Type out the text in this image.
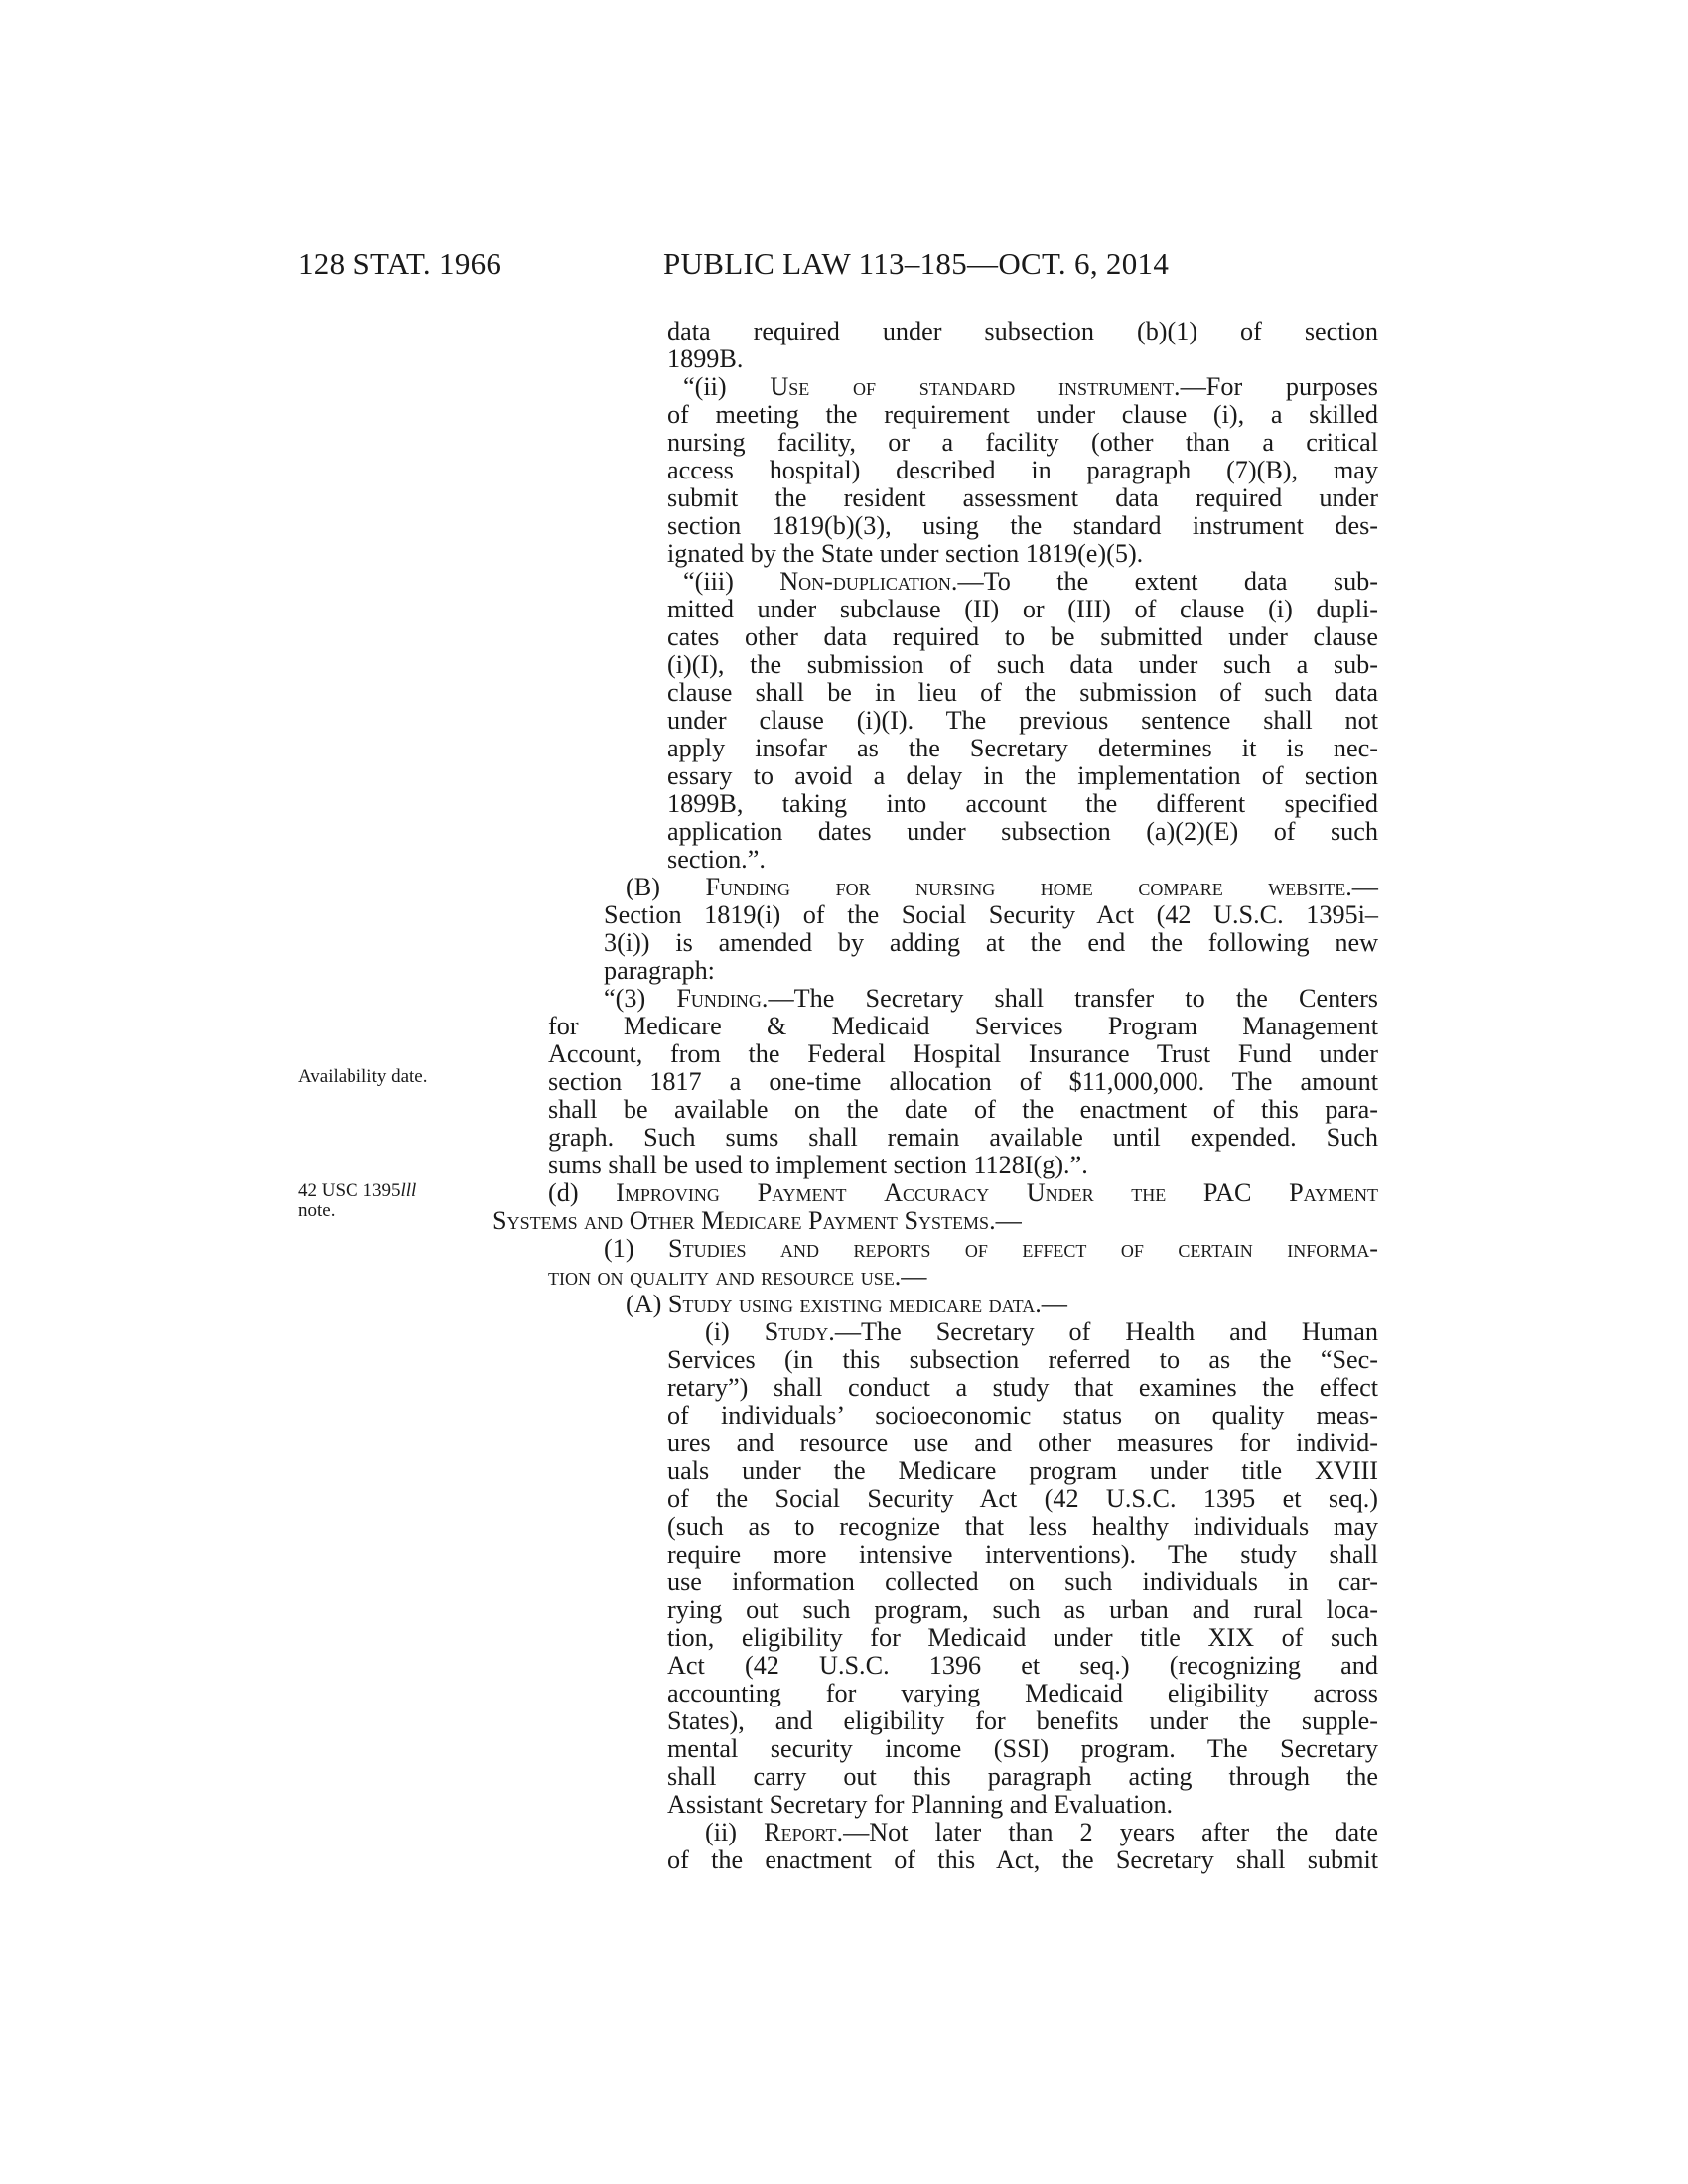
128 STAT. 1966	PUBLIC LAW 113–185—OCT. 6, 2014
Availability date.
42 USC 1395lll
note.
data required under subsection (b)(1) of section
1899B.
“(ii) Use of standard instrument.—For purposes
of meeting the requirement under clause (i), a skilled
nursing facility, or a facility (other than a critical
access hospital) described in paragraph (7)(B), may
submit the resident assessment data required under
section 1819(b)(3), using the standard instrument des-
ignated by the State under section 1819(e)(5).
“(iii) Non-duplication.—To the extent data sub-
mitted under subclause (II) or (III) of clause (i) dupli-
cates other data required to be submitted under clause
(i)(I), the submission of such data under such a sub-
clause shall be in lieu of the submission of such data
under clause (i)(I). The previous sentence shall not
apply insofar as the Secretary determines it is nec-
essary to avoid a delay in the implementation of section
1899B, taking into account the different specified
application dates under subsection (a)(2)(E) of such
section.”.
(B) Funding for nursing home compare website.—
Section 1819(i) of the Social Security Act (42 U.S.C. 1395i–
3(i)) is amended by adding at the end the following new
paragraph:
“(3) Funding.—The Secretary shall transfer to the Centers
for Medicare & Medicaid Services Program Management
Account, from the Federal Hospital Insurance Trust Fund under
section 1817 a one-time allocation of $11,000,000. The amount
shall be available on the date of the enactment of this para-
graph. Such sums shall remain available until expended. Such
sums shall be used to implement section 1128I(g).”.
(d) Improving Payment Accuracy Under the PAC Payment
Systems and Other Medicare Payment Systems.—
(1) Studies and reports of effect of certain informa-
tion on quality and resource use.—
(A) Study using existing medicare data.—
(i) Study.—The Secretary of Health and Human
Services (in this subsection referred to as the “Sec-
retary”) shall conduct a study that examines the effect
of individuals’ socioeconomic status on quality meas-
ures and resource use and other measures for individ-
uals under the Medicare program under title XVIII
of the Social Security Act (42 U.S.C. 1395 et seq.)
(such as to recognize that less healthy individuals may
require more intensive interventions). The study shall
use information collected on such individuals in car-
rying out such program, such as urban and rural loca-
tion, eligibility for Medicaid under title XIX of such
Act (42 U.S.C. 1396 et seq.) (recognizing and
accounting for varying Medicaid eligibility across
States), and eligibility for benefits under the supple-
mental security income (SSI) program. The Secretary
shall carry out this paragraph acting through the
Assistant Secretary for Planning and Evaluation.
(ii) Report.—Not later than 2 years after the date
of the enactment of this Act, the Secretary shall submit
